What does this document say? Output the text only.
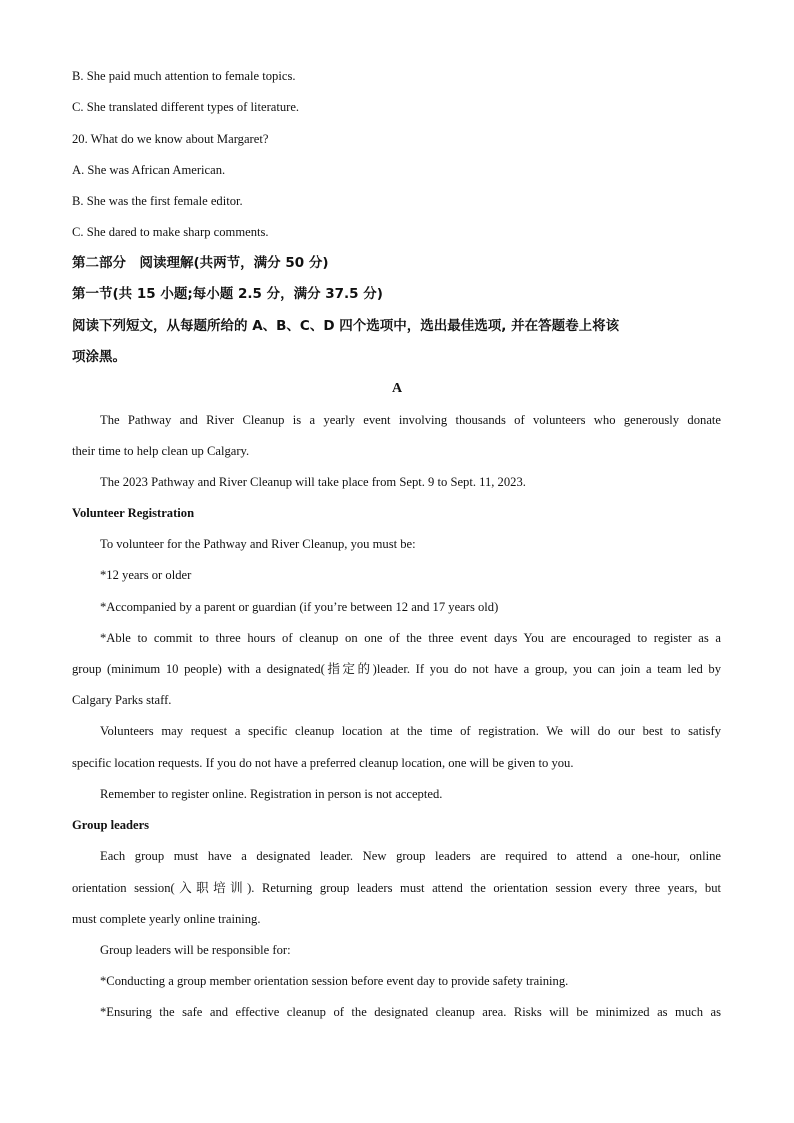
B. She paid much attention to female topics.
C. She translated different types of literature.
20. What do we know about Margaret?
A. She was African American.
B. She was the first female editor.
C. She dared to make sharp comments.
第二部分　阅读理解(共两节，满分 50 分)
第一节(共 15 小题;每小题 2.5 分，满分 37.5 分)
阅读下列短文，从每题所给的 A、B、C、D 四个选项中，选出最佳选项, 并在答题卷上将该
项涂黑。
A
The Pathway and River Cleanup is a yearly event involving thousands of volunteers who generously donate
their time to help clean up Calgary.
The 2023 Pathway and River Cleanup will take place from Sept. 9 to Sept. 11, 2023.
Volunteer Registration
To volunteer for the Pathway and River Cleanup, you must be:
*12 years or older
*Accompanied by a parent or guardian (if you’re between 12 and 17 years old)
*Able to commit to three hours of cleanup on one of the three event days You are encouraged to register as a
group (minimum 10 people) with a designated(指定的)leader. If you do not have a group, you can join a team led by
Calgary Parks staff.
Volunteers may request a specific cleanup location at the time of registration. We will do our best to satisfy
specific location requests. If you do not have a preferred cleanup location, one will be given to you.
Remember to register online. Registration in person is not accepted.
Group leaders
Each group must have a designated leader. New group leaders are required to attend a one-hour, online
orientation session(入职培训). Returning group leaders must attend the orientation session every three years, but
must complete yearly online training.
Group leaders will be responsible for:
*Conducting a group member orientation session before event day to provide safety training.
*Ensuring the safe and effective cleanup of the designated cleanup area. Risks will be minimized as much as
